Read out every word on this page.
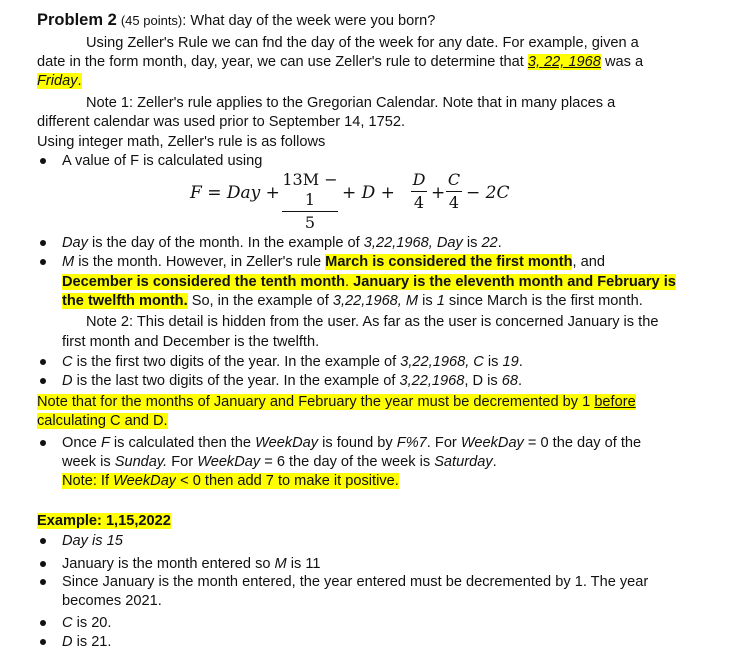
Problem 2 (45 points): What day of the week were you born?
Using Zeller's Rule we can fnd the day of the week for any date. For example, given a
date in the form month, day, year, we can use Zeller's rule to determine that 3, 22, 1968 was a
Friday.
Note 1: Zeller's rule applies to the Gregorian Calendar. Note that in many places a
different calendar was used prior to September 14, 1752.
Using integer math, Zeller's rule is as follows
A value of F is calculated using
F = Day +
13M − 1
5
+ D +
D
4 +
C
4 − 2C
Day is the day of the month. In the example of 3,22,1968, Day is 22.
M is the month. However, in Zeller's rule March is considered the first month, and
December is considered the tenth month. January is the eleventh month and February is
the twelfth month. So, in the example of 3,22,1968, M is 1 since March is the first month.
Note 2: This detail is hidden from the user. As far as the user is concerned January is the
first month and December is the twelfth.
C is the first two digits of the year. In the example of 3,22,1968, C is 19.
D is the last two digits of the year. In the example of 3,22,1968, D is 68.
Note that for the months of January and February the year must be decremented by 1 before
calculating C and D.
Once F is calculated then the WeekDay is found by F%7. For WeekDay = 0 the day of the
week is Sunday. For WeekDay = 6 the day of the week is Saturday.
Note: If WeekDay < 0 then add 7 to make it positive.
Example: 1,15,2022
Day is 15
January is the month entered so M is 11
Since January is the month entered, the year entered must be decremented by 1. The year
becomes 2021.
C is 20.
D is 21.
